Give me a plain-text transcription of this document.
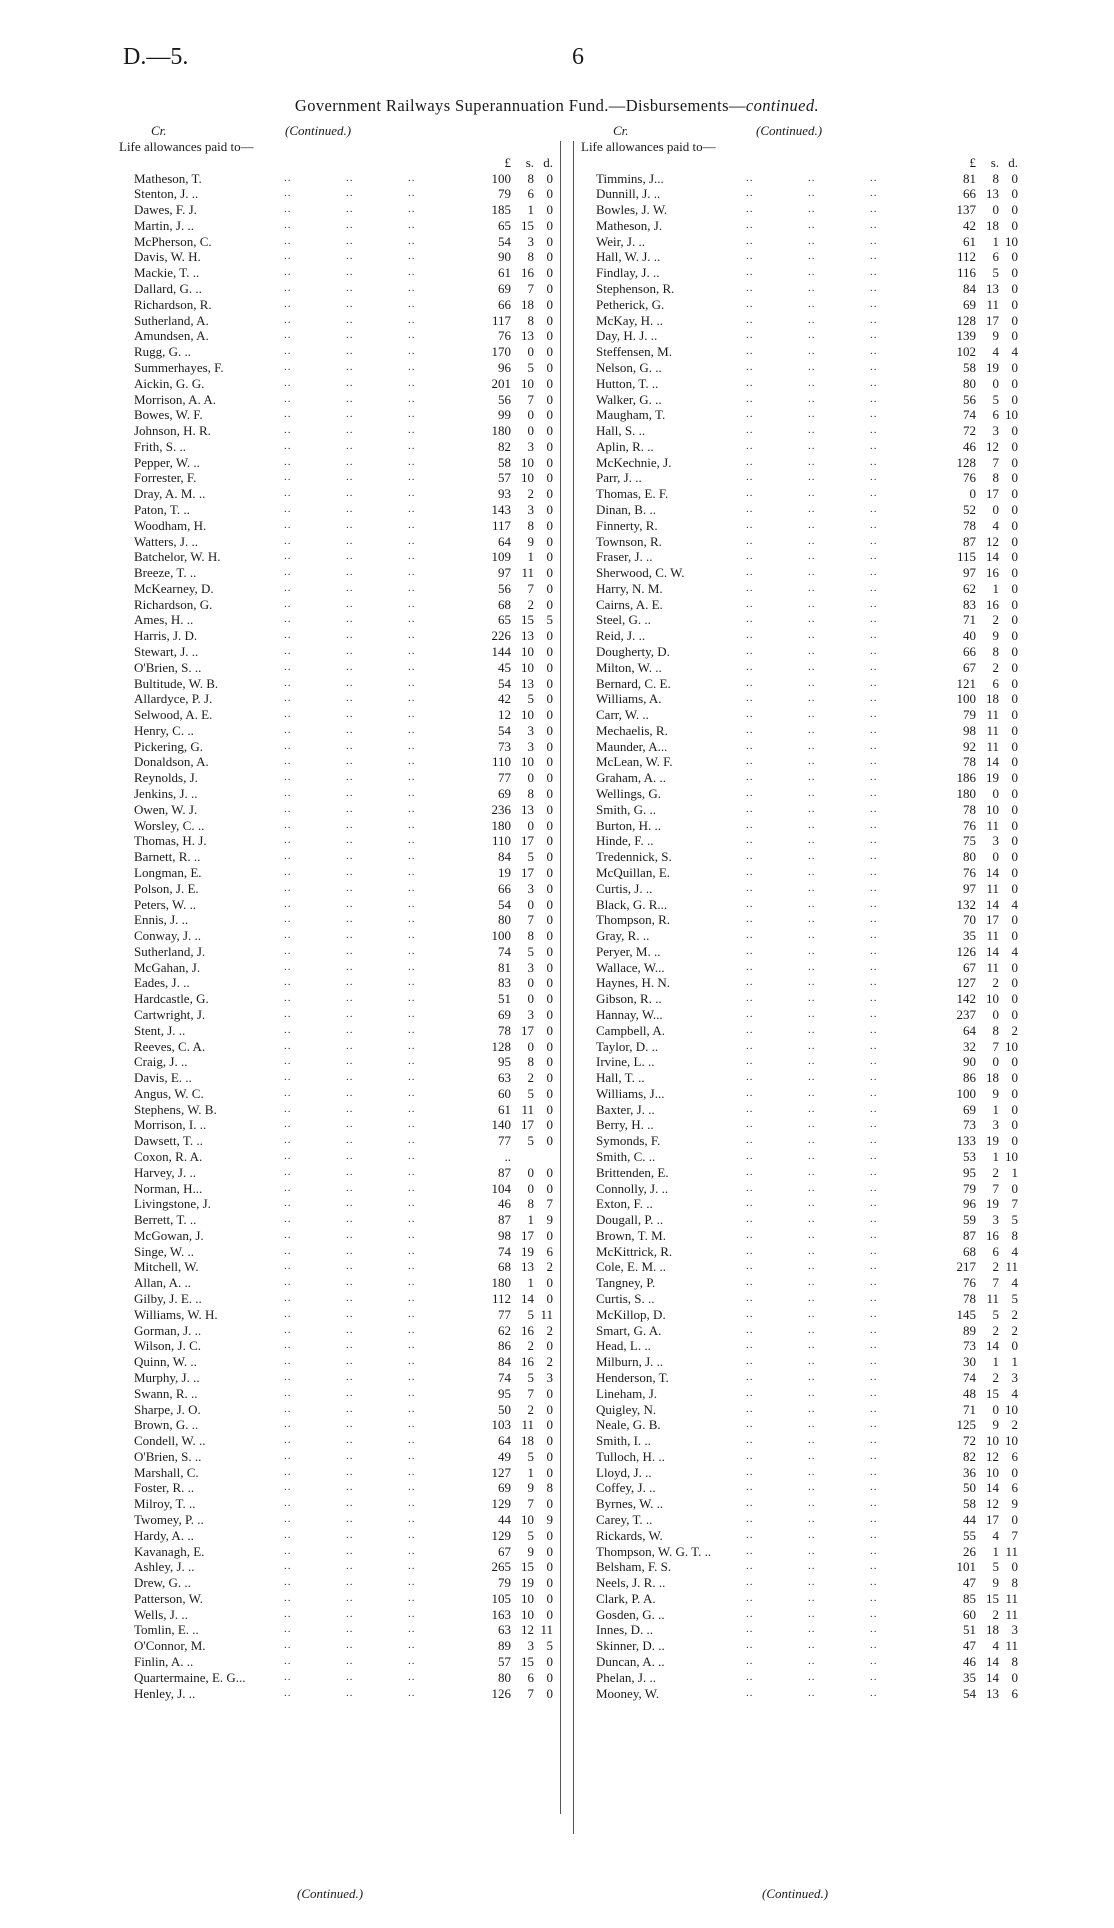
D.—5.	6
Government Railways Superannuation Fund.—Disbursements—continued.
Cr.	(Continued.)
Life allowances paid to—
£	s. d.
Matheson, T.	..	..	..	100	8 0
Stenton, J. ..	..	..	..	79	6 0
Dawes, F. J.	..	..	..	185	1 0
Martin, J. ..	..	..	..	65 15 0
McPherson, C.	..	..	..	54	3 0
Davis, W. H.	..	..	..	90	8 0
Mackie, T. ..	..	..	..	61 16 0
Dallard, G. ..	..	..	..	69	7 0
Richardson, R.	..	..	..	66 18 0
Sutherland, A.	..	..	..	117	8 0
Amundsen, A.	..	..	..	76 13 0
Rugg, G. ..	..	..	..	170	0 0
Summerhayes, F.	..	..	..	96	5 0
Aickin, G. G.	..	..	..	201 10 0
Morrison, A. A.	..	..	..	56	7 0
Bowes, W. F.	..	..	..	99	0 0
Johnson, H. R.	..	..	..	180	0 0
Frith, S. ..	..	..	..	82	3 0
Pepper, W. ..	..	..	..	58 10 0
Forrester, F.	..	..	..	57 10 0
Dray, A. M. ..	..	..	..	93	2 0
Paton, T. ..	..	..	..	143	3 0
Woodham, H.	..	..	..	117	8 0
Watters, J. ..	..	..	..	64	9 0
Batchelor, W. H.	..	..	..	109	1 0
Breeze, T. ..	..	..	..	97 11 0
McKearney, D.	..	..	..	56	7 0
Richardson, G.	..	..	..	68	2 0
Ames, H. ..	..	..	..	65 15 5
Harris, J. D.	..	..	..	226 13 0
Stewart, J. ..	..	..	..	144 10 0
O'Brien, S. ..	..	..	..	45 10 0
Bultitude, W. B.	..	..	..	54 13 0
Allardyce, P. J.	..	..	..	42	5 0
Selwood, A. E.	..	..	..	12 10 0
Henry, C. ..	..	..	..	54	3 0
Pickering, G.	..	..	..	73	3 0
Donaldson, A.	..	..	..	110 10 0
Reynolds, J.	..	..	..	77	0 0
Jenkins, J. ..	..	..	..	69	8 0
Owen, W. J.	..	..	..	236 13 0
Worsley, C. ..	..	..	..	180	0 0
Thomas, H. J.	..	..	..	110 17 0
Barnett, R. ..	..	..	..	84	5 0
Longman, E.	..	..	..	19 17 0
Polson, J. E.	..	..	..	66	3 0
Peters, W. ..	..	..	..	54	0 0
Ennis, J. ..	..	..	..	80	7 0
Conway, J. ..	..	..	..	100	8 0
Sutherland, J.	..	..	..	74	5 0
McGahan, J.	..	..	..	81	3 0
Eades, J. ..	..	..	..	83	0 0
Hardcastle, G.	..	..	..	51	0 0
Cartwright, J.	..	..	..	69	3 0
Stent, J. ..	..	..	..	78 17 0
Reeves, C. A.	..	..	..	128	0 0
Craig, J. ..	..	..	..	95	8 0
Davis, E. ..	..	..	..	63	2 0
Angus, W. C.	..	..	..	60	5 0
Stephens, W. B.	..	..	..	61 11 0
Morrison, I. ..	..	..	..	140 17 0
Dawsett, T. ..	..	..	..	77	5 0
Coxon, R. A.	..	..	..	..
Harvey, J. ..	..	..	..	87	0 0
Norman, H...	..	..	..	104	0 0
Livingstone, J.	..	..	..	46	8 7
Berrett, T. ..	..	..	..	87	1 9
McGowan, J.	..	..	..	98 17 0
Singe, W. ..	..	..	..	74 19 6
Mitchell, W.	..	..	..	68 13 2
Allan, A. ..	..	..	..	180	1 0
Gilby, J. E. ..	..	..	..	112 14 0
Williams, W. H.	..	..	..	77	5 11
Gorman, J. ..	..	..	..	62 16 2
Wilson, J. C.	..	..	..	86	2 0
Quinn, W. ..	..	..	..	84 16 2
Murphy, J. ..	..	..	..	74	5 3
Swann, R. ..	..	..	..	95	7 0
Sharpe, J. O.	..	..	..	50	2 0
Brown, G. ..	..	..	..	103 11 0
Condell, W. ..	..	..	..	64 18 0
O'Brien, S. ..	..	..	..	49	5 0
Marshall, C.	..	..	..	127	1 0
Foster, R. ..	..	..	..	69	9 8
Milroy, T. ..	..	..	..	129	7 0
Twomey, P. ..	..	..	..	44 10 9
Hardy, A. ..	..	..	..	129	5 0
Kavanagh, E.	..	..	..	67	9 0
Ashley, J. ..	..	..	..	265 15 0
Drew, G. ..	..	..	..	79 19 0
Patterson, W.	..	..	..	105 10 0
Wells, J. ..	..	..	..	163 10 0
Tomlin, E. ..	..	..	..	63 12 11
O'Connor, M.	..	..	..	89	3 5
Finlin, A. ..	..	..	..	57 15 0
Quartermaine, E. G...	..	..	..	80	6 0
Henley, J. ..	..	..	..	126	7 0
Cr.	(Continued.)
Life allowances paid to—
£	s. d.
Timmins, J...	..	..	..	81	8 0
Dunnill, J. ..	..	..	..	66 13 0
Bowles, J. W.	..	..	..	137	0 0
Matheson, J.	..	..	..	42 18 0
Weir, J. ..	..	..	..	61	1 10
Hall, W. J. ..	..	..	..	112	6 0
Findlay, J. ..	..	..	..	116	5 0
Stephenson, R.	..	..	..	84 13 0
Petherick, G.	..	..	..	69 11 0
McKay, H. ..	..	..	..	128 17 0
Day, H. J. ..	..	..	..	139	9 0
Steffensen, M.	..	..	..	102	4 4
Nelson, G. ..	..	..	..	58 19 0
Hutton, T. ..	..	..	..	80	0 0
Walker, G. ..	..	..	..	56	5 0
Maugham, T.	..	..	..	74	6 10
Hall, S. ..	..	..	..	72	3 0
Aplin, R. ..	..	..	..	46 12 0
McKechnie, J.	..	..	..	128	7 0
Parr, J. ..	..	..	..	76	8 0
Thomas, E. F.	..	..	..	0 17 0
Dinan, B. ..	..	..	..	52	0 0
Finnerty, R.	..	..	..	78	4 0
Townson, R.	..	..	..	87 12 0
Fraser, J. ..	..	..	..	115 14 0
Sherwood, C. W.	..	..	..	97 16 0
Harry, N. M.	..	..	..	62	1 0
Cairns, A. E.	..	..	..	83 16 0
Steel, G. ..	..	..	..	71	2 0
Reid, J. ..	..	..	..	40	9 0
Dougherty, D.	..	..	..	66	8 0
Milton, W. ..	..	..	..	67	2 0
Bernard, C. E.	..	..	..	121	6 0
Williams, A.	..	..	..	100 18 0
Carr, W. ..	..	..	..	79 11 0
Mechaelis, R.	..	..	..	98 11 0
Maunder, A...	..	..	..	92 11 0
McLean, W. F.	..	..	..	78 14 0
Graham, A. ..	..	..	..	186 19 0
Wellings, G.	..	..	..	180	0 0
Smith, G. ..	..	..	..	78 10 0
Burton, H. ..	..	..	..	76 11 0
Hinde, F. ..	..	..	..	75	3 0
Tredennick, S.	..	..	..	80	0 0
McQuillan, E.	..	..	..	76 14 0
Curtis, J. ..	..	..	..	97 11 0
Black, G. R...	..	..	..	132 14 4
Thompson, R.	..	..	..	70 17 0
Gray, R. ..	..	..	..	35 11 0
Peryer, M. ..	..	..	..	126 14 4
Wallace, W...	..	..	..	67 11 0
Haynes, H. N.	..	..	..	127	2 0
Gibson, R. ..	..	..	..	142 10 0
Hannay, W...	..	..	..	237	0 0
Campbell, A.	..	..	..	64	8 2
Taylor, D. ..	..	..	..	32	7 10
Irvine, L. ..	..	..	..	90	0 0
Hall, T. ..	..	..	..	86 18 0
Williams, J...	..	..	..	100	9 0
Baxter, J. ..	..	..	..	69	1 0
Berry, H. ..	..	..	..	73	3 0
Symonds, F.	..	..	..	133 19 0
Smith, C. ..	..	..	..	53	1 10
Brittenden, E.	..	..	..	95	2 1
Connolly, J. ..	..	..	..	79	7 0
Exton, F. ..	..	..	..	96 19 7
Dougall, P. ..	..	..	..	59	3 5
Brown, T. M.	..	..	..	87 16 8
McKittrick, R.	..	..	..	68	6 4
Cole, E. M. ..	..	..	..	217	2 11
Tangney, P.	..	..	..	76	7 4
Curtis, S. ..	..	..	..	78 11 5
McKillop, D.	..	..	..	145	5 2
Smart, G. A.	..	..	..	89	2 2
Head, L. ..	..	..	..	73 14 0
Milburn, J. ..	..	..	..	30	1 1
Henderson, T.	..	..	..	74	2 3
Lineham, J.	..	..	..	48 15 4
Quigley, N.	..	..	..	71	0 10
Neale, G. B.	..	..	..	125	9 2
Smith, I. ..	..	..	..	72 10 10
Tulloch, H. ..	..	..	..	82 12 6
Lloyd, J. ..	..	..	..	36 10 0
Coffey, J. ..	..	..	..	50 14 6
Byrnes, W. ..	..	..	..	58 12 9
Carey, T. ..	..	..	..	44 17 0
Rickards, W.	..	..	..	55	4 7
Thompson, W. G. T. ..	..	..	..	26	1 11
Belsham, F. S.	..	..	..	101	5 0
Neels, J. R. ..	..	..	..	47	9 8
Clark, P. A.	..	..	..	85 15 11
Gosden, G. ..	..	..	..	60	2 11
Innes, D. ..	..	..	..	51 18 3
Skinner, D. ..	..	..	..	47	4 11
Duncan, A. ..	..	..	..	46 14 8
Phelan, J. ..	..	..	..	35 14 0
Mooney, W.	..	..	..	54 13 6
(Continued.)	(Continued.)
